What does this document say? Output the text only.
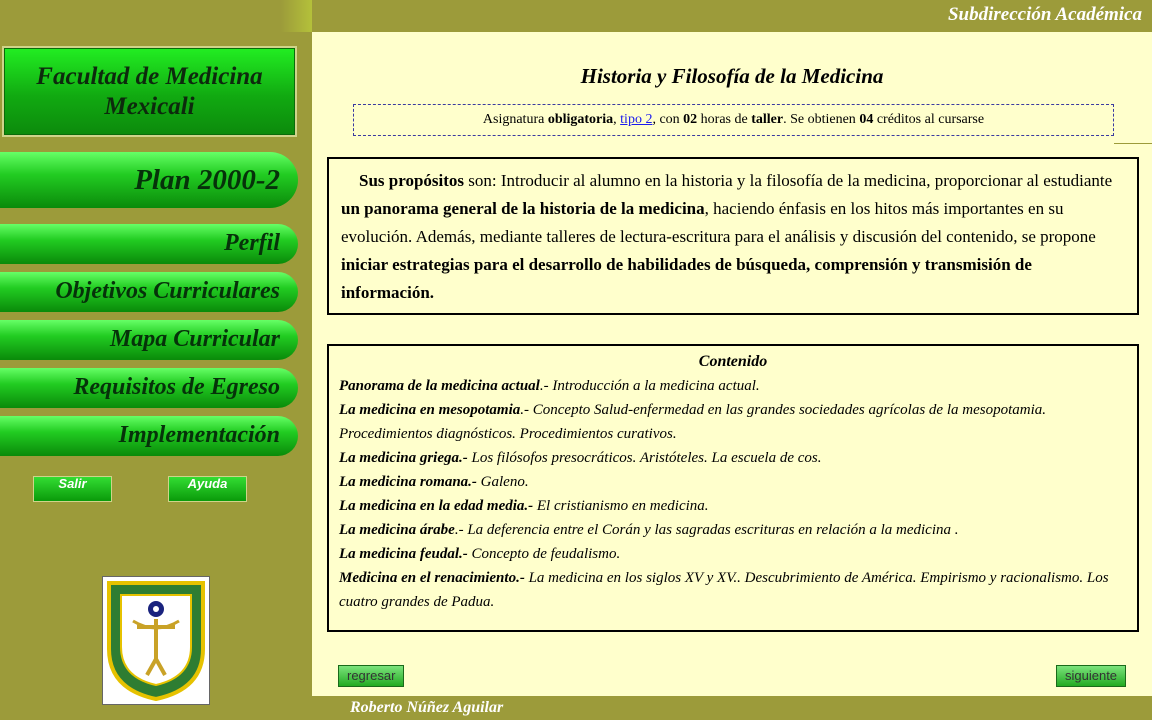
Subdirección Académica
Roberto Núñez Aguilar
Facultad de Medicina
Mexicali
Plan 2000-2
Perfil
Objetivos Curriculares
Mapa Curricular
Requisitos de Egreso
Implementación
Salir	Ayuda
Historia y Filosofía de la Medicina
Asignatura obligatoria, tipo 2, con 02 horas de taller. Se obtienen 04 créditos al cursarse
Sus propósitos son: Introducir al alumno en la historia y la filosofía de la medicina, proporcionar al estudiante un panorama general de la historia de la medicina, haciendo énfasis en los hitos más importantes en su evolución. Además, mediante talleres de lectura-escritura para el análisis y discusión del contenido, se propone iniciar estrategias para el desarrollo de habilidades de búsqueda, comprensión y transmisión de información.
Contenido
Panorama de la medicina actual.- Introducción a la medicina actual.
La medicina en mesopotamia.- Concepto Salud-enfermedad en las grandes sociedades agrícolas de la mesopotamia. Procedimientos diagnósticos. Procedimientos curativos.
La medicina griega.- Los filósofos presocráticos. Aristóteles. La escuela de cos.
La medicina romana.- Galeno.
La medicina en la edad media.- El cristianismo en medicina.
La medicina árabe.- La deferencia entre el Corán y las sagradas escrituras en relación a la medicina .
La medicina feudal.- Concepto de feudalismo.
Medicina en el renacimiento.- La medicina en los siglos XV y XV.. Descubrimiento de América. Empirismo y racionalismo. Los cuatro grandes de Padua.
regresar	siguiente
